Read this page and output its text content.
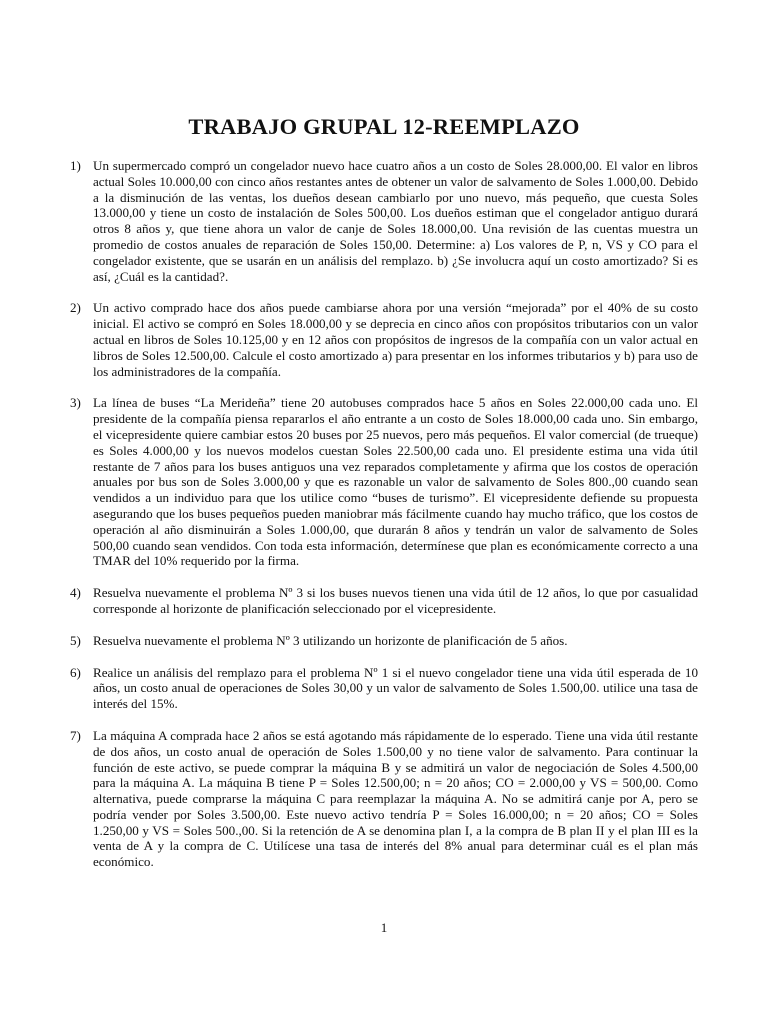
TRABAJO GRUPAL 12-REEMPLAZO
1) Un supermercado compró un congelador nuevo hace cuatro años a un costo de Soles 28.000,00. El valor en libros actual Soles 10.000,00 con cinco años restantes antes de obtener un valor de salvamento de Soles 1.000,00. Debido a la disminución de las ventas, los dueños desean cambiarlo por uno nuevo, más pequeño, que cuesta Soles 13.000,00 y tiene un costo de instalación de Soles 500,00. Los dueños estiman que el congelador antiguo durará otros 8 años y, que tiene ahora un valor de canje de Soles 18.000,00. Una revisión de las cuentas muestra un promedio de costos anuales de reparación de Soles 150,00. Determine: a) Los valores de P, n, VS y CO para el congelador existente, que se usarán en un análisis del remplazo. b) ¿Se involucra aquí un costo amortizado? Si es así, ¿Cuál es la cantidad?.
2) Un activo comprado hace dos años puede cambiarse ahora por una versión “mejorada” por el 40% de su costo inicial. El activo se compró en Soles 18.000,00 y se deprecia en cinco años con propósitos tributarios con un valor actual en libros de Soles 10.125,00 y en 12 años con propósitos de ingresos de la compañía con un valor actual en libros de Soles 12.500,00. Calcule el costo amortizado a) para presentar en los informes tributarios y b) para uso de los administradores de la compañía.
3) La línea de buses “La Merideña” tiene 20 autobuses comprados hace 5 años en Soles 22.000,00 cada uno. El presidente de la compañía piensa repararlos el año entrante a un costo de Soles 18.000,00 cada uno. Sin embargo, el vicepresidente quiere cambiar estos 20 buses por 25 nuevos, pero más pequeños. El valor comercial (de trueque) es Soles 4.000,00 y los nuevos modelos cuestan Soles 22.500,00 cada uno. El presidente estima una vida útil restante de 7 años para los buses antiguos una vez reparados completamente y afirma que los costos de operación anuales por bus son de Soles 3.000,00 y que es razonable un valor de salvamento de Soles 800.,00 cuando sean vendidos a un individuo para que los utilice como “buses de turismo”. El vicepresidente defiende su propuesta asegurando que los buses pequeños pueden maniobrar más fácilmente cuando hay mucho tráfico, que los costos de operación al año disminuirán a Soles 1.000,00, que durarán 8 años y tendrán un valor de salvamento de Soles 500,00 cuando sean vendidos. Con toda esta información, determínese que plan es económicamente correcto a una TMAR del 10% requerido por la firma.
4) Resuelva nuevamente el problema Nº 3 si los buses nuevos tienen una vida útil de 12 años, lo que por casualidad corresponde al horizonte de planificación seleccionado por el vicepresidente.
5) Resuelva nuevamente el problema Nº 3 utilizando un horizonte de planificación de 5 años.
6) Realice un análisis del remplazo para el problema Nº 1 si el nuevo congelador tiene una vida útil esperada de 10 años, un costo anual de operaciones de Soles 30,00 y un valor de salvamento de Soles 1.500,00. utilice una tasa de interés del 15%.
7) La máquina A comprada hace 2 años se está agotando más rápidamente de lo esperado. Tiene una vida útil restante de dos años, un costo anual de operación de Soles 1.500,00 y no tiene valor de salvamento. Para continuar la función de este activo, se puede comprar la máquina B y se admitirá un valor de negociación de Soles 4.500,00 para la máquina A. La máquina B tiene P = Soles 12.500,00; n = 20 años; CO = 2.000,00 y VS = 500,00. Como alternativa, puede comprarse la máquina C para reemplazar la máquina A. No se admitirá canje por A, pero se podría vender por Soles 3.500,00. Este nuevo activo tendría P = Soles 16.000,00; n = 20 años; CO = Soles 1.250,00 y VS = Soles 500.,00. Si la retención de A se denomina plan I, a la compra de B plan II y el plan III es la venta de A y la compra de C. Utilícese una tasa de interés del 8% anual para determinar cuál es el plan más económico.
1
